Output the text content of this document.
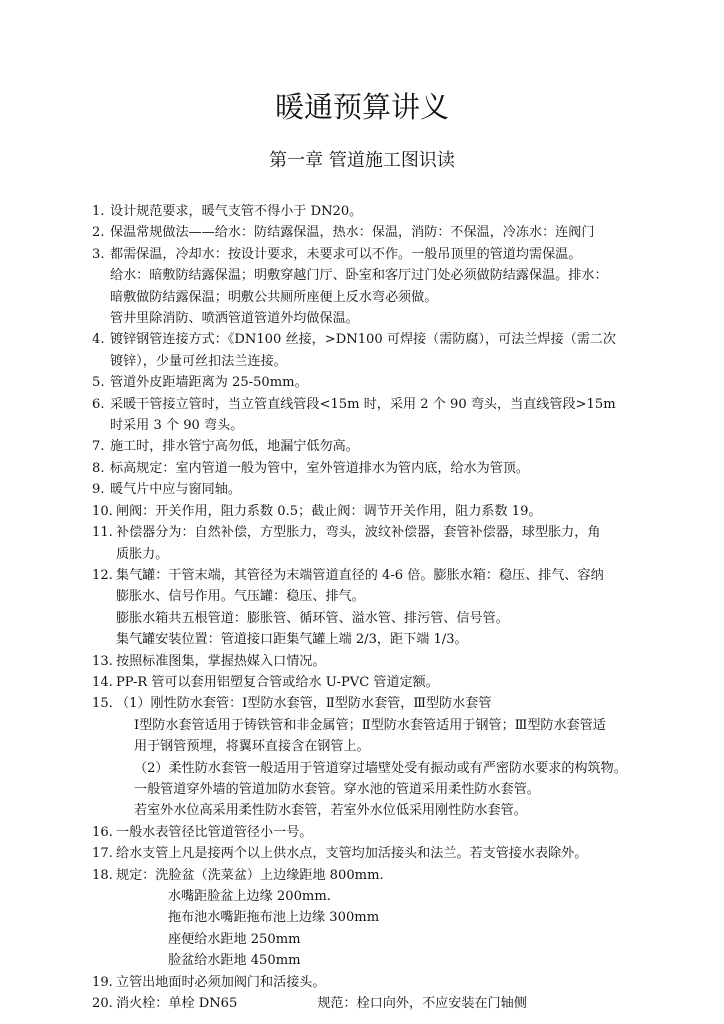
暖通预算讲义
第一章 管道施工图识读
1. 设计规范要求，暖气支管不得小于 DN20。
2. 保温常规做法——给水：防结露保温，热水：保温，消防：不保温，冷冻水：连阀门
3. 都需保温，冷却水：按设计要求，未要求可以不作。一般吊顶里的管道均需保温。
给水：暗敷防结露保温；明敷穿越门厅、卧室和客厅过门处必须做防结露保温。排水：
暗敷做防结露保温；明敷公共厕所座便上反水弯必须做。
管井里除消防、喷洒管道管道外均做保温。
4. 镀锌钢管连接方式：《DN100 丝接，>DN100 可焊接（需防腐），可法兰焊接（需二次
镀锌），少量可丝扣法兰连接。
5. 管道外皮距墙距离为 25-50mm。
6. 采暖干管接立管时，当立管直线管段<15m 时，采用 2 个 90 弯头，当直线管段>15m
时采用 3 个 90 弯头。
7. 施工时，排水管宁高勿低，地漏宁低勿高。
8. 标高规定：室内管道一般为管中，室外管道排水为管内底，给水为管顶。
9. 暖气片中应与窗同轴。
10. 闸阀：开关作用，阻力系数 0.5；截止阀：调节开关作用，阻力系数 19。
11. 补偿器分为：自然补偿，方型胀力，弯头，波纹补偿器，套管补偿器，球型胀力，角
质胀力。
12. 集气罐：干管末端，其管径为末端管道直径的 4-6 倍。膨胀水箱：稳压、排气、容纳
膨胀水、信号作用。气压罐：稳压、排气。
膨胀水箱共五根管道：膨胀管、循环管、溢水管、排污管、信号管。
集气罐安装位置：管道接口距集气罐上端 2/3，距下端 1/3。
13. 按照标准图集，掌握热媒入口情况。
14. PP-R 管可以套用铝塑复合管或给水 U-PVC 管道定额。
15. （1）刚性防水套管：Ⅰ型防水套管，Ⅱ型防水套管，Ⅲ型防水套管
Ⅰ型防水套管适用于铸铁管和非金属管；Ⅱ型防水套管适用于钢管；Ⅲ型防水套管适
用于钢管预埋，将翼环直接含在钢管上。
（2）柔性防水套管一般适用于管道穿过墙壁处受有振动或有严密防水要求的构筑物。
一般管道穿外墙的管道加防水套管。穿水池的管道采用柔性防水套管。
若室外水位高采用柔性防水套管，若室外水位低采用刚性防水套管。
16. 一般水表管径比管道管径小一号。
17. 给水支管上凡是接两个以上供水点，支管均加活接头和法兰。若支管接水表除外。
18. 规定：洗脸盆（洗菜盆）上边缘距地 800mm.
水嘴距脸盆上边缘 200mm.
拖布池水嘴距拖布池上边缘 300mm
座便给水距地 250mm
脸盆给水距地 450mm
19. 立管出地面时必须加阀门和活接头。
20. 消火栓：单栓 DN65	规范：栓口向外，不应安装在门轴侧
